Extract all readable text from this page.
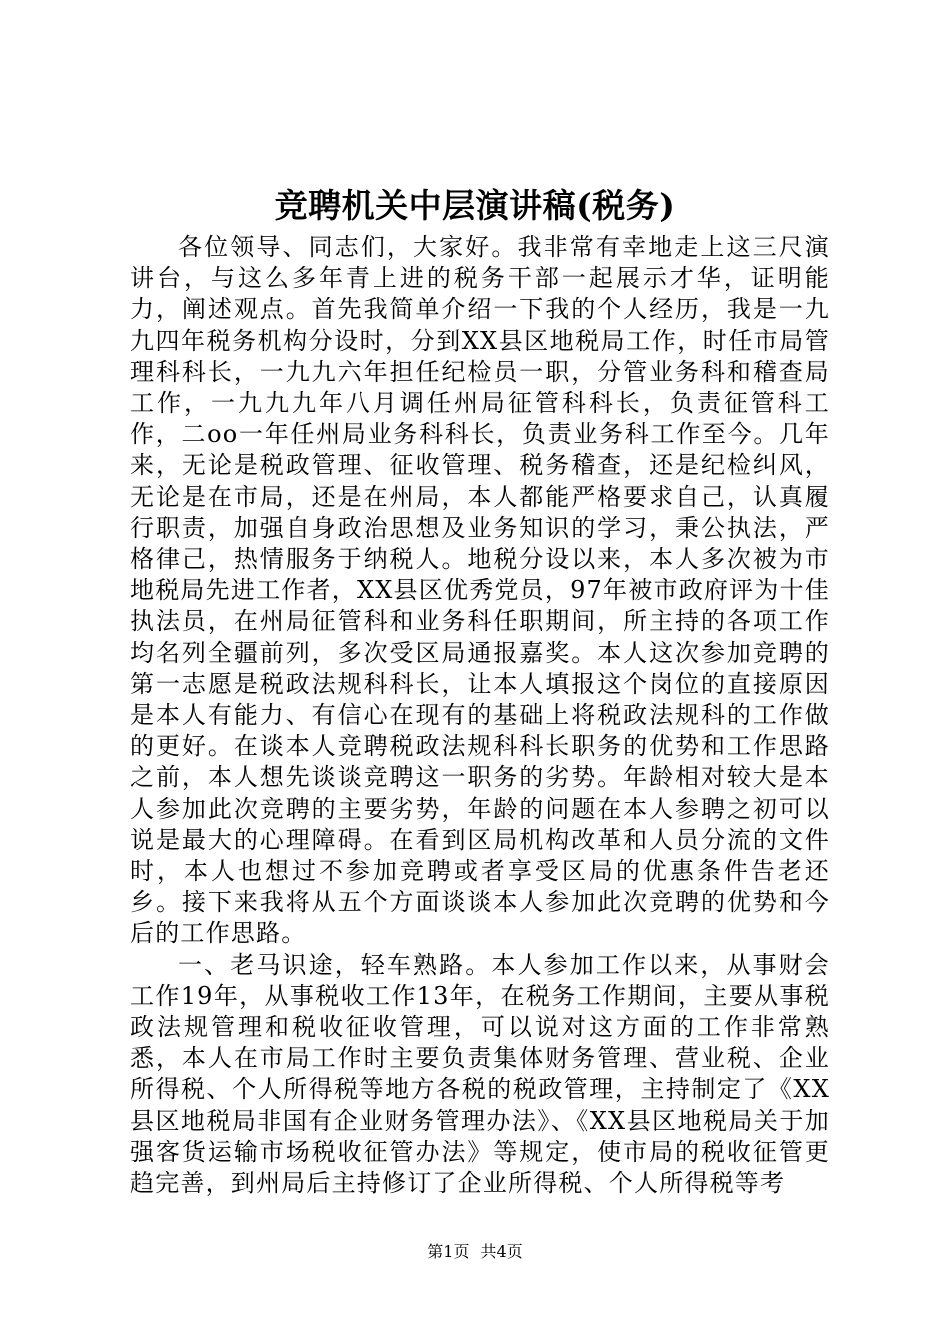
竞聘机关中层演讲稿(税务)

各位领导、同志们，大家好。我非常有幸地走上这三尺演讲台，与这么多年青上进的税务干部一起展示才华，证明能力，阐述观点。首先我简单介绍一下我的个人经历，我是一九九四年税务机构分设时，分到XX县区地税局工作，时任市局管理科科长，一九九六年担任纪检员一职，分管业务科和稽查局工作，一九九九年八月调任州局征管科科长，负责征管科工作，二oo一年任州局业务科科长，负责业务科工作至今。几年来，无论是税政管理、征收管理、税务稽查，还是纪检纠风，无论是在市局，还是在州局，本人都能严格要求自己，认真履行职责，加强自身政治思想及业务知识的学习，秉公执法，严格律己，热情服务于纳税人。地税分设以来，本人多次被为市地税局先进工作者，XX县区优秀党员，97年被市政府评为十佳执法员，在州局征管科和业务科任职期间，所主持的各项工作均名列全疆前列，多次受区局通报嘉奖。本人这次参加竞聘的第一志愿是税政法规科科长，让本人填报这个岗位的直接原因是本人有能力、有信心在现有的基础上将税政法规科的工作做的更好。在谈本人竞聘税政法规科科长职务的优势和工作思路之前，本人想先谈谈竞聘这一职务的劣势。年龄相对较大是本人参加此次竞聘的主要劣势，年龄的问题在本人参聘之初可以说是最大的心理障碍。在看到区局机构改革和人员分流的文件时，本人也想过不参加竞聘或者享受区局的优惠条件告老还乡。接下来我将从五个方面谈谈本人参加此次竞聘的优势和今后的工作思路。

一、老马识途，轻车熟路。本人参加工作以来，从事财会工作19年，从事税收工作13年，在税务工作期间，主要从事税政法规管理和税收征收管理，可以说对这方面的工作非常熟悉，本人在市局工作时主要负责集体财务管理、营业税、企业所得税、个人所得税等地方各税的税政管理，主持制定了《XX县区地税局非国有企业财务管理办法》、《XX县区地税局关于加强客货运输市场税收征管办法》等规定，使市局的税收征管更趋完善，到州局后主持修订了企业所得税、个人所得税等考

第1页 共4页
